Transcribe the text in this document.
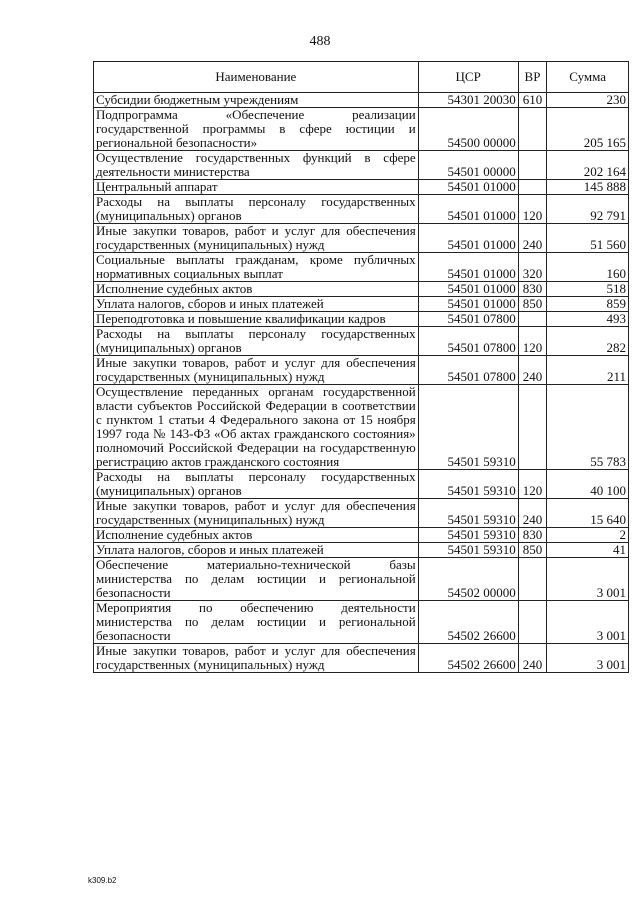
488
Наименование	ЦСР	ВР	Сумма
Субсидии бюджетным учреждениям	54301 20030	610	230
Подпрограмма «Обеспечение реализации государственной программы в сфере юстиции и региональной безопасности»	54500 00000		205 165
Осуществление государственных функций в сфере деятельности министерства	54501 00000		202 164
Центральный аппарат	54501 01000		145 888
Расходы на выплаты персоналу государственных (муниципальных) органов	54501 01000	120	92 791
Иные закупки товаров, работ и услуг для обеспечения государственных (муниципальных) нужд	54501 01000	240	51 560
Социальные выплаты гражданам, кроме публичных нормативных социальных выплат	54501 01000	320	160
Исполнение судебных актов	54501 01000	830	518
Уплата налогов, сборов и иных платежей	54501 01000	850	859
Переподготовка и повышение квалификации кадров	54501 07800		493
Расходы на выплаты персоналу государственных (муниципальных) органов	54501 07800	120	282
Иные закупки товаров, работ и услуг для обеспечения государственных (муниципальных) нужд	54501 07800	240	211
Осуществление переданных органам государственной власти субъектов Российской Федерации в соответствии с пунктом 1 статьи 4 Федерального закона от 15 ноября 1997 года № 143-ФЗ «Об актах гражданского состояния» полномочий Российской Федерации на государственную регистрацию актов гражданского состояния	54501 59310		55 783
Расходы на выплаты персоналу государственных (муниципальных) органов	54501 59310	120	40 100
Иные закупки товаров, работ и услуг для обеспечения государственных (муниципальных) нужд	54501 59310	240	15 640
Исполнение судебных актов	54501 59310	830	2
Уплата налогов, сборов и иных платежей	54501 59310	850	41
Обеспечение материально-технической базы министерства по делам юстиции и региональной безопасности	54502 00000		3 001
Мероприятия по обеспечению деятельности министерства по делам юстиции и региональной безопасности	54502 26600		3 001
Иные закупки товаров, работ и услуг для обеспечения государственных (муниципальных) нужд	54502 26600	240	3 001
k309.b2
